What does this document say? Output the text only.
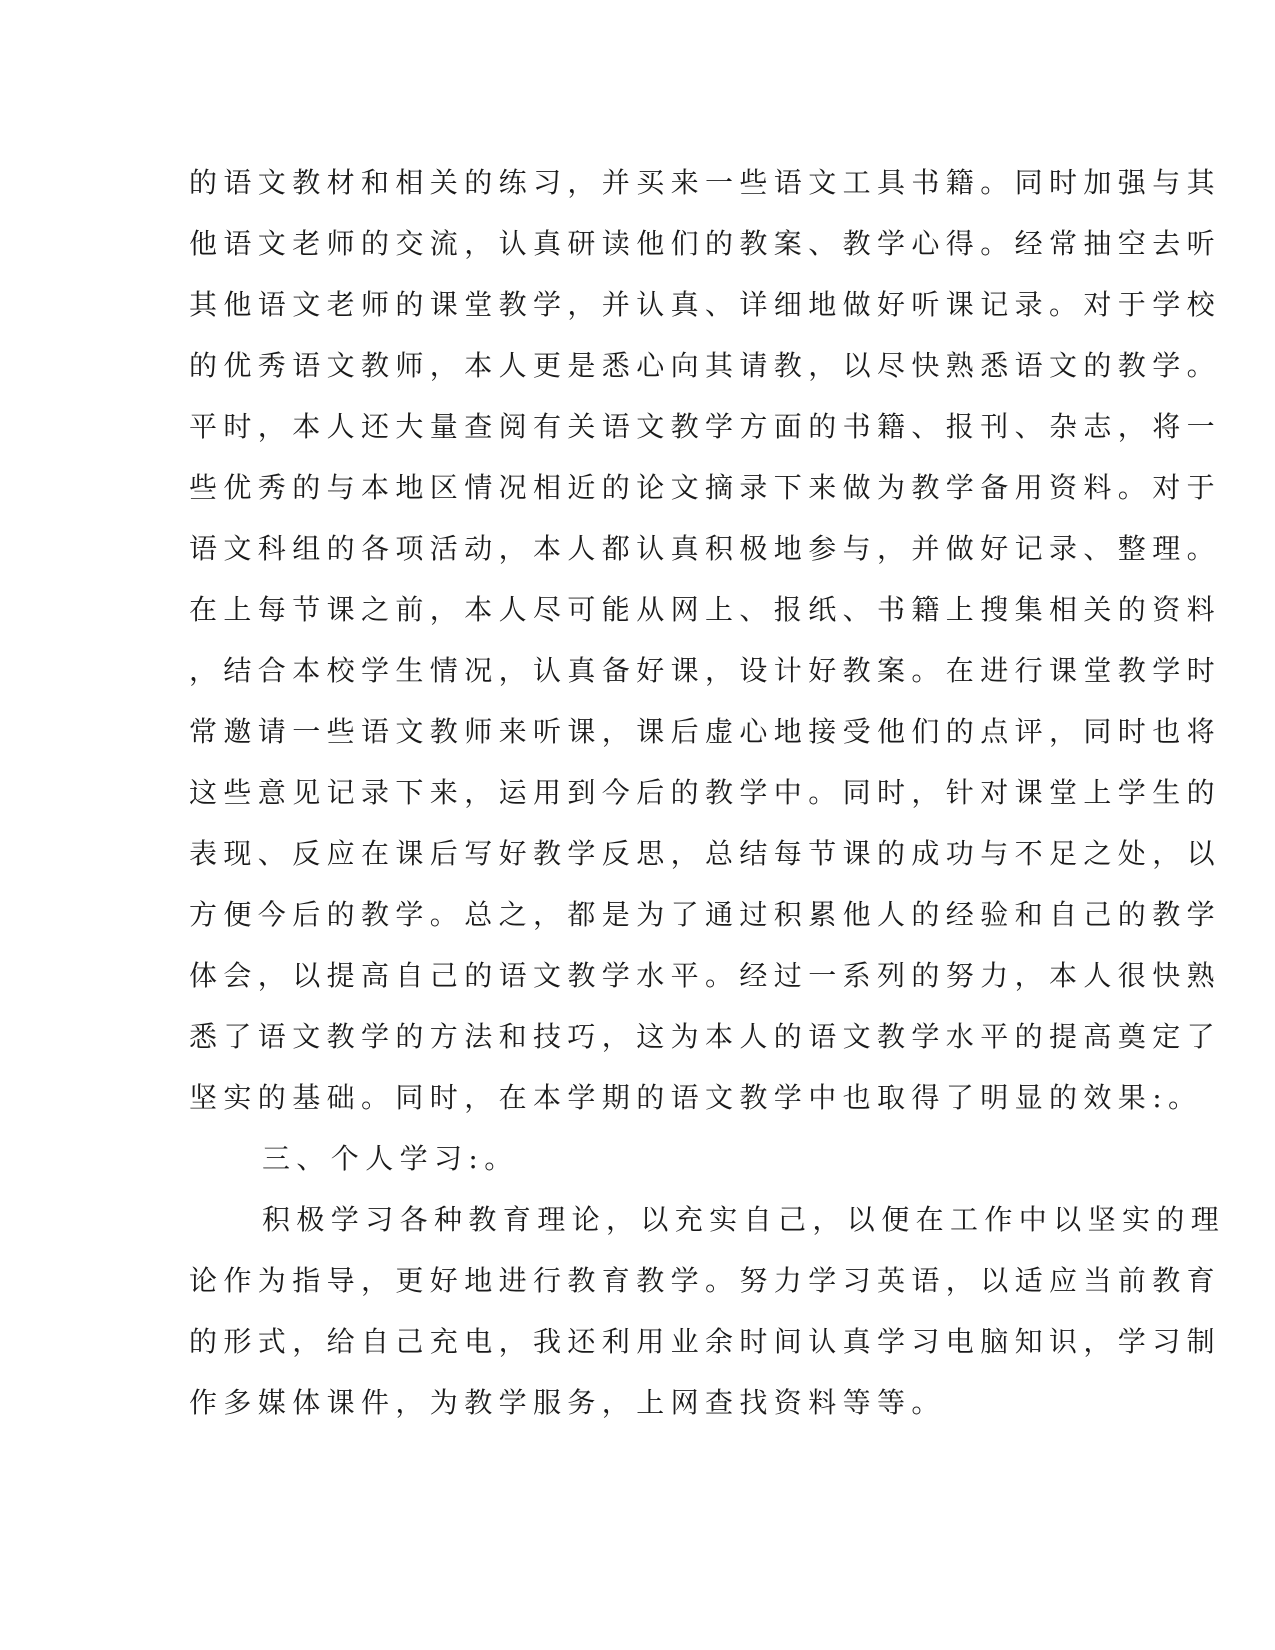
的语文教材和相关的练习，并买来一些语文工具书籍。同时加强与其
他语文老师的交流，认真研读他们的教案、教学心得。经常抽空去听
其他语文老师的课堂教学，并认真、详细地做好听课记录。对于学校
的优秀语文教师，本人更是悉心向其请教，以尽快熟悉语文的教学。
平时，本人还大量查阅有关语文教学方面的书籍、报刊、杂志，将一
些优秀的与本地区情况相近的论文摘录下来做为教学备用资料。对于
语文科组的各项活动，本人都认真积极地参与，并做好记录、整理。
在上每节课之前，本人尽可能从网上、报纸、书籍上搜集相关的资料
，结合本校学生情况，认真备好课，设计好教案。在进行课堂教学时
常邀请一些语文教师来听课，课后虚心地接受他们的点评，同时也将
这些意见记录下来，运用到今后的教学中。同时，针对课堂上学生的
表现、反应在课后写好教学反思，总结每节课的成功与不足之处，以
方便今后的教学。总之，都是为了通过积累他人的经验和自己的教学
体会，以提高自己的语文教学水平。经过一系列的努力，本人很快熟
悉了语文教学的方法和技巧，这为本人的语文教学水平的提高奠定了
坚实的基础。同时，在本学期的语文教学中也取得了明显的效果:。
三、个人学习:。
积极学习各种教育理论，以充实自己，以便在工作中以坚实的理
论作为指导，更好地进行教育教学。努力学习英语，以适应当前教育
的形式，给自己充电，我还利用业余时间认真学习电脑知识，学习制
作多媒体课件，为教学服务，上网查找资料等等。
